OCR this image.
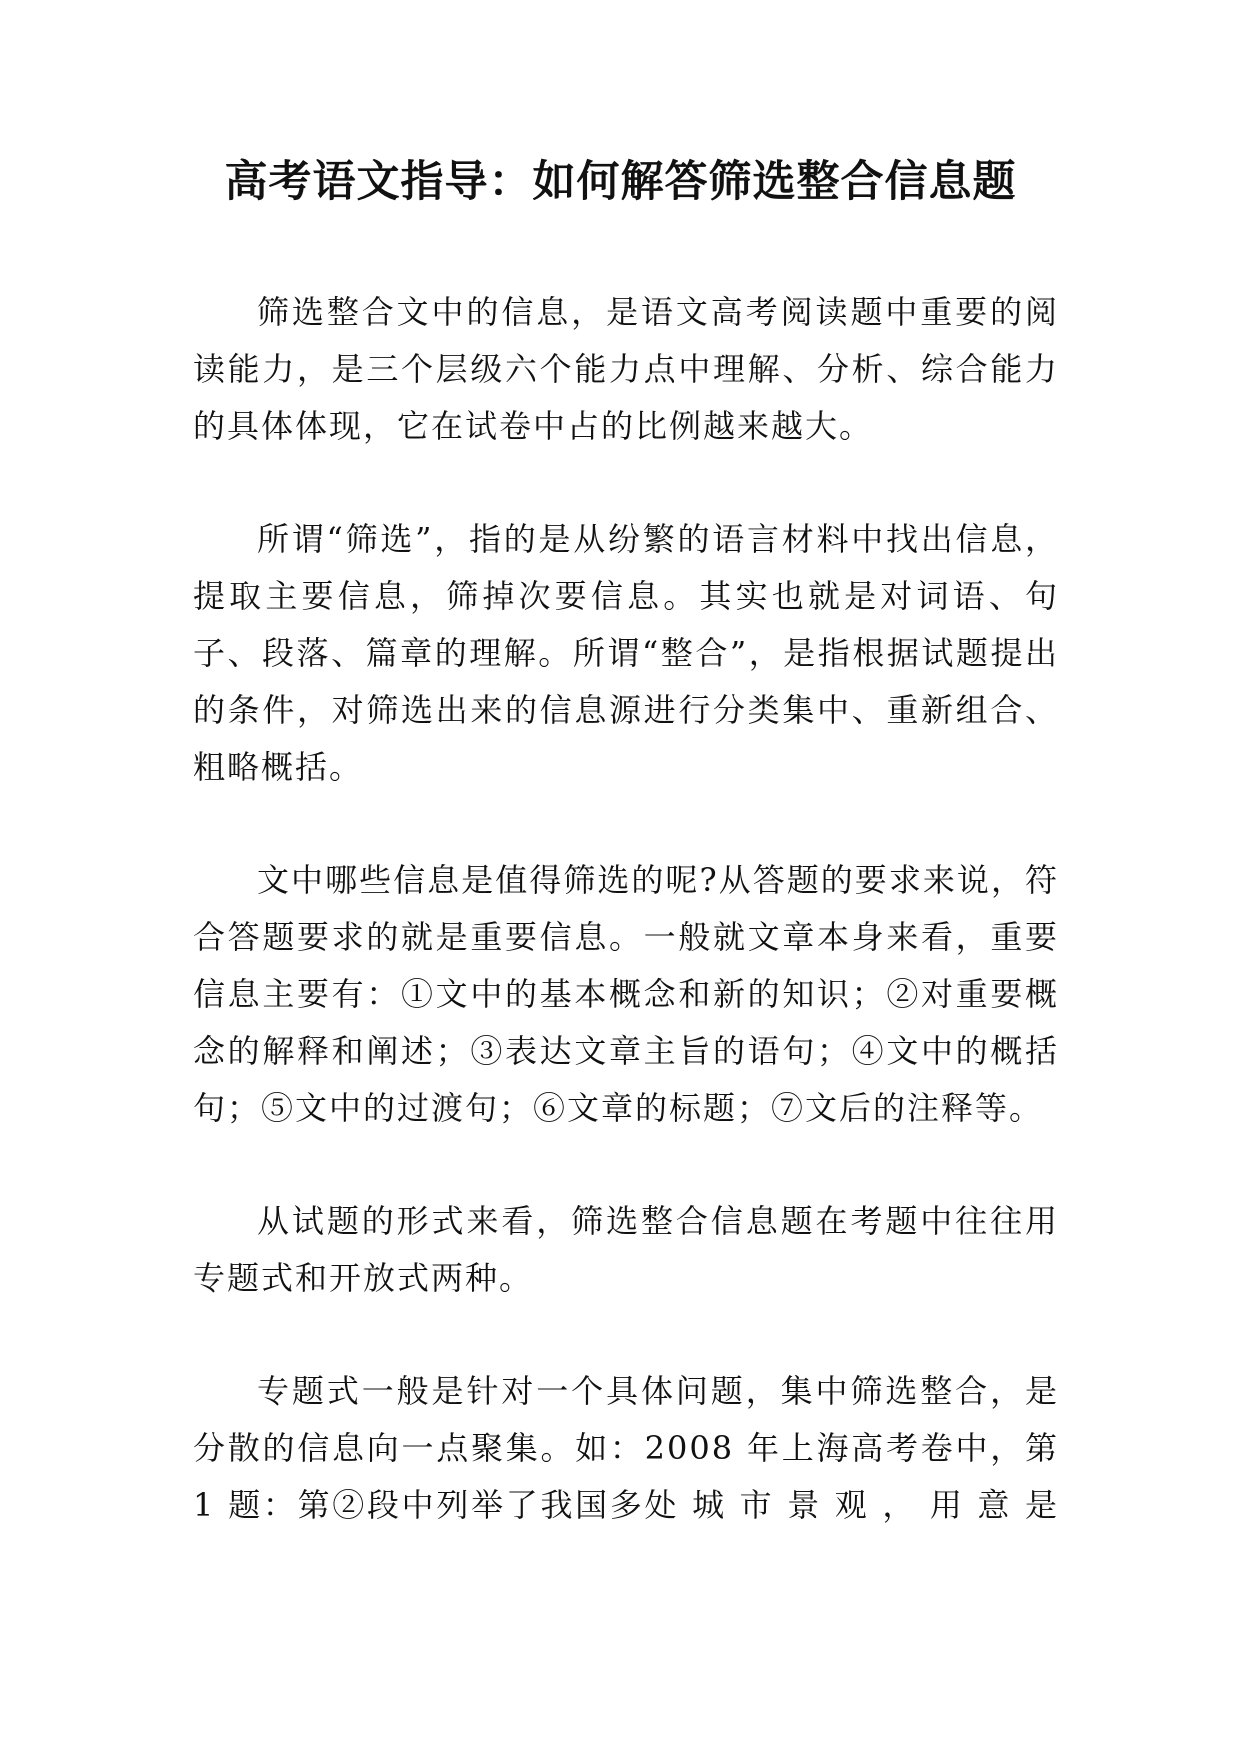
高考语文指导：如何解答筛选整合信息题

筛选整合文中的信息，是语文高考阅读题中重要的阅读能力，是三个层级六个能力点中理解、分析、综合能力的具体体现，它在试卷中占的比例越来越大。

所谓“筛选”，指的是从纷繁的语言材料中找出信息，提取主要信息，筛掉次要信息。其实也就是对词语、句子、段落、篇章的理解。所谓“整合”，是指根据试题提出的条件，对筛选出来的信息源进行分类集中、重新组合、粗略概括。

文中哪些信息是值得筛选的呢?从答题的要求来说，符合答题要求的就是重要信息。一般就文章本身来看，重要信息主要有：①文中的基本概念和新的知识；②对重要概念的解释和阐述；③表达文章主旨的语句；④文中的概括句；⑤文中的过渡句；⑥文章的标题；⑦文后的注释等。

从试题的形式来看，筛选整合信息题在考题中往往用专题式和开放式两种。

专题式一般是针对一个具体问题，集中筛选整合，是分散的信息向一点聚集。如：2008 年上海高考卷中，第 1 题：第②段中列举了我国多处 城 市 景 观 ， 用 意 是
